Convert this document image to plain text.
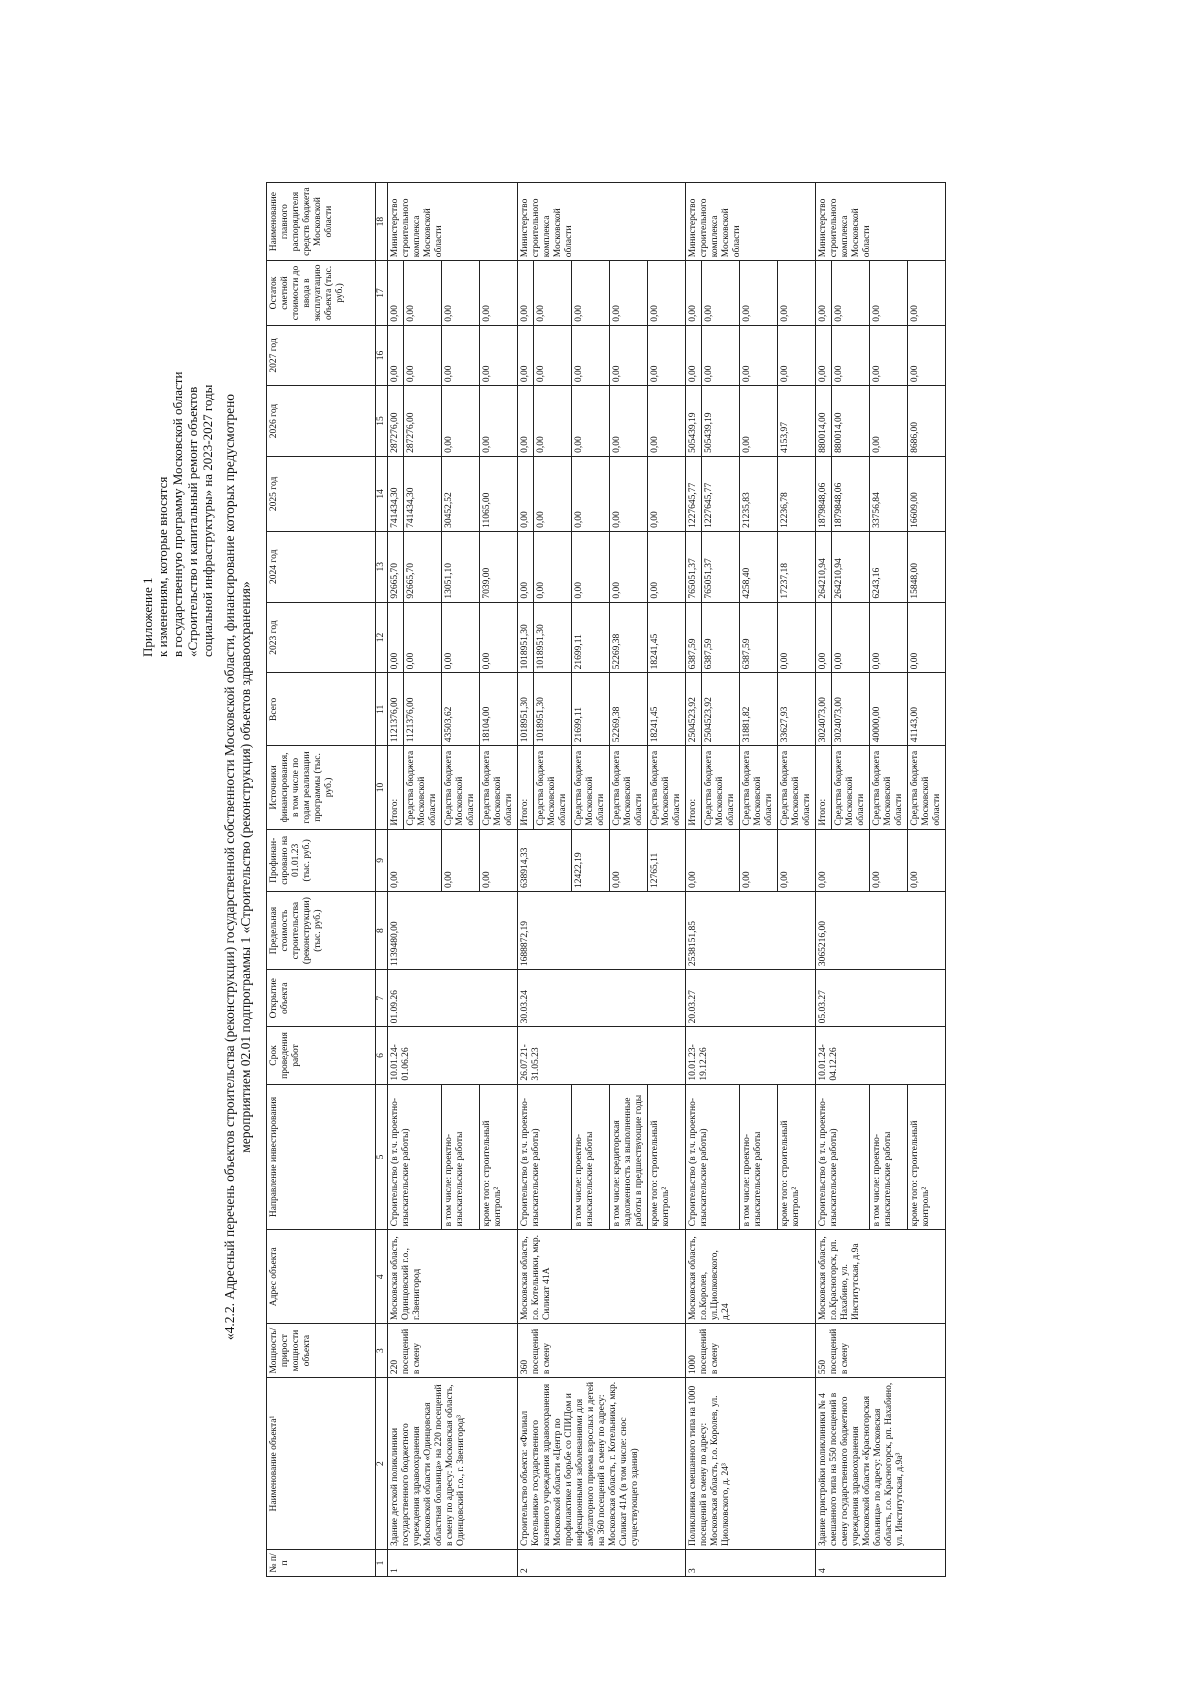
Приложение 1 к изменениям, которые вносятся в государственную программу Московской области «Строительство и капитальный ремонт объектов социальной инфраструктуры» на 2023-2027 годы «4.2.2. Адресный перечень объектов строительства (реконструкции) государственной собственности Московской области, финансирование которых предусмотрено мероприятием 02.01 подпрограммы 1 «Строительство (реконструкция) объектов здравоохранения»
№ п/п	Наименование объекта¹	Мощность/ прирост мощности объекта	Адрес объекта	Направление инвестирования	Срок проведения работ	Открытие объекта	Предельная стоимость строительства (реконструкции) (тыс. руб.)	Профинан-сировано на 01.01.23 (тыс. руб.)	Источники финансирования, в том числе по годам реализации программы (тыс. руб.)	Всего	2023 год	2024 год	2025 год	2026 год	2027 год	Остаток сметной стоимости до ввода в эксплуатацию объекта (тыс. руб.)	Наименование главного распорядителя средств бюджета Московской области
1	2	3	4	5	6	7	8	9	10	11	12	13	14	15	16	17	18
1	Здание детской поликлиники государственного бюджетного учреждения здравоохранения Московской области «Одинцовская областная больница» на 220 посещений в смену по адресу: Московская область, Одинцовский г.о., г. Звенигород³	220 посещений в смену	Московская область, Одинцовский г.о., г.Звенигород	Строительство (в т.ч. проектно-изыскательские работы)	10.01.24- 01.06.26	01.09.26	1139480,00	0,00	Итого:	1121376,00	0,00	92665,70	741434,30	287276,00	0,00	0,00	Министерство строительного комплекса Московской области
									Средства бюджета Московской области	1121376,00	0,00	92665,70	741434,30	287276,00	0,00	0,00	
				в том числе: проектно-изыскательские работы				0,00	Средства бюджета Московской области	43503,62	0,00	13051,10	30452,52	0,00	0,00	0,00	
				кроме того: строительный контроль²				0,00	Средства бюджета Московской области	18104,00	0,00	7039,00	11065,00	0,00	0,00	0,00	
2	Строительство объекта: «Филиал Котельники» государственного казенного учреждения здравоохранения Московской области «Центр по профилактике и борьбе со СПИДом и инфекционными заболеваниями для амбулаторного приема взрослых и детей на 360 посещений в смену по адресу: Московская область, г. Котельники, мкр. Силикат 41А (в том числе: снос существующего здания)	360 посещений в смену	Московская область, г.о. Котельники, мкр. Силикат 41А	Строительство (в т.ч. проектно-изыскательские работы)	26.07.21- 31.05.23	30.03.24	1688872,19	638914,33	Итого:	1018951,30	1018951,30	0,00	0,00	0,00	0,00	0,00	Министерство строительного комплекса Московской области
									Средства бюджета Московской области	1018951,30	1018951,30	0,00	0,00	0,00	0,00	0,00	
				в том числе: проектно-изыскательские работы				12422,19	Средства бюджета Московской области	21699,11	21699,11	0,00	0,00	0,00	0,00	0,00	
				в том числе: кредиторская задолженность за выполненные работы в предшествующие годы				0,00	Средства бюджета Московской области	52269,38	52269,38	0,00	0,00	0,00	0,00	0,00	
				кроме того: строительный контроль²				12765,11	Средства бюджета Московской области	18241,45	18241,45	0,00	0,00	0,00	0,00	0,00	
3	Поликлиника смешанного типа на 1000 посещений в смену по адресу: Московская область, г.о. Королев, ул. Циолковского, д. 24³	1000 посещений в смену	Московская область, г.о.Королев, ул.Циолковского, д.24	Строительство (в т.ч. проектно-изыскательские работы)	10.01.23- 19.12.26	20.03.27	2538151,85	0,00	Итого:	2504523,92	6387,59	765051,37	1227645,77	505439,19	0,00	0,00	Министерство строительного комплекса Московской области
									Средства бюджета Московской области	2504523,92	6387,59	765051,37	1227645,77	505439,19	0,00	0,00	
				в том числе: проектно-изыскательские работы				0,00	Средства бюджета Московской области	31881,82	6387,59	4258,40	21235,83	0,00	0,00	0,00	
				кроме того: строительный контроль²				0,00	Средства бюджета Московской области	33627,93	0,00	17237,18	12236,78	4153,97	0,00	0,00	
4	Здание пристройки поликлиники № 4 смешанного типа на 550 посещений в смену государственного бюджетного учреждения здравоохранения Московской области «Красногорская больница» по адресу: Московская область, г.о. Красногорск, рп. Нахабино, ул. Институтская, д.9а³	550 посещений в смену	Московская область, г.о.Красногорск, рп. Нахабино, ул. Институтская, д.9а	Строительство (в т.ч. проектно-изыскательские работы)	10.01.24- 04.12.26	05.03.27	3065216,00	0,00	Итого:	3024073,00	0,00	264210,94	1879848,06	880014,00	0,00	0,00	Министерство строительного комплекса Московской области
									Средства бюджета Московской области	3024073,00	0,00	264210,94	1879848,06	880014,00	0,00	0,00	
				в том числе: проектно-изыскательские работы				0,00	Средства бюджета Московской области	40000,00	0,00	6243,16	33756,84	0,00	0,00	0,00	
				кроме того: строительный контроль²				0,00	Средства бюджета Московской области	41143,00	0,00	15848,00	16609,00	8686,00	0,00	0,00	
